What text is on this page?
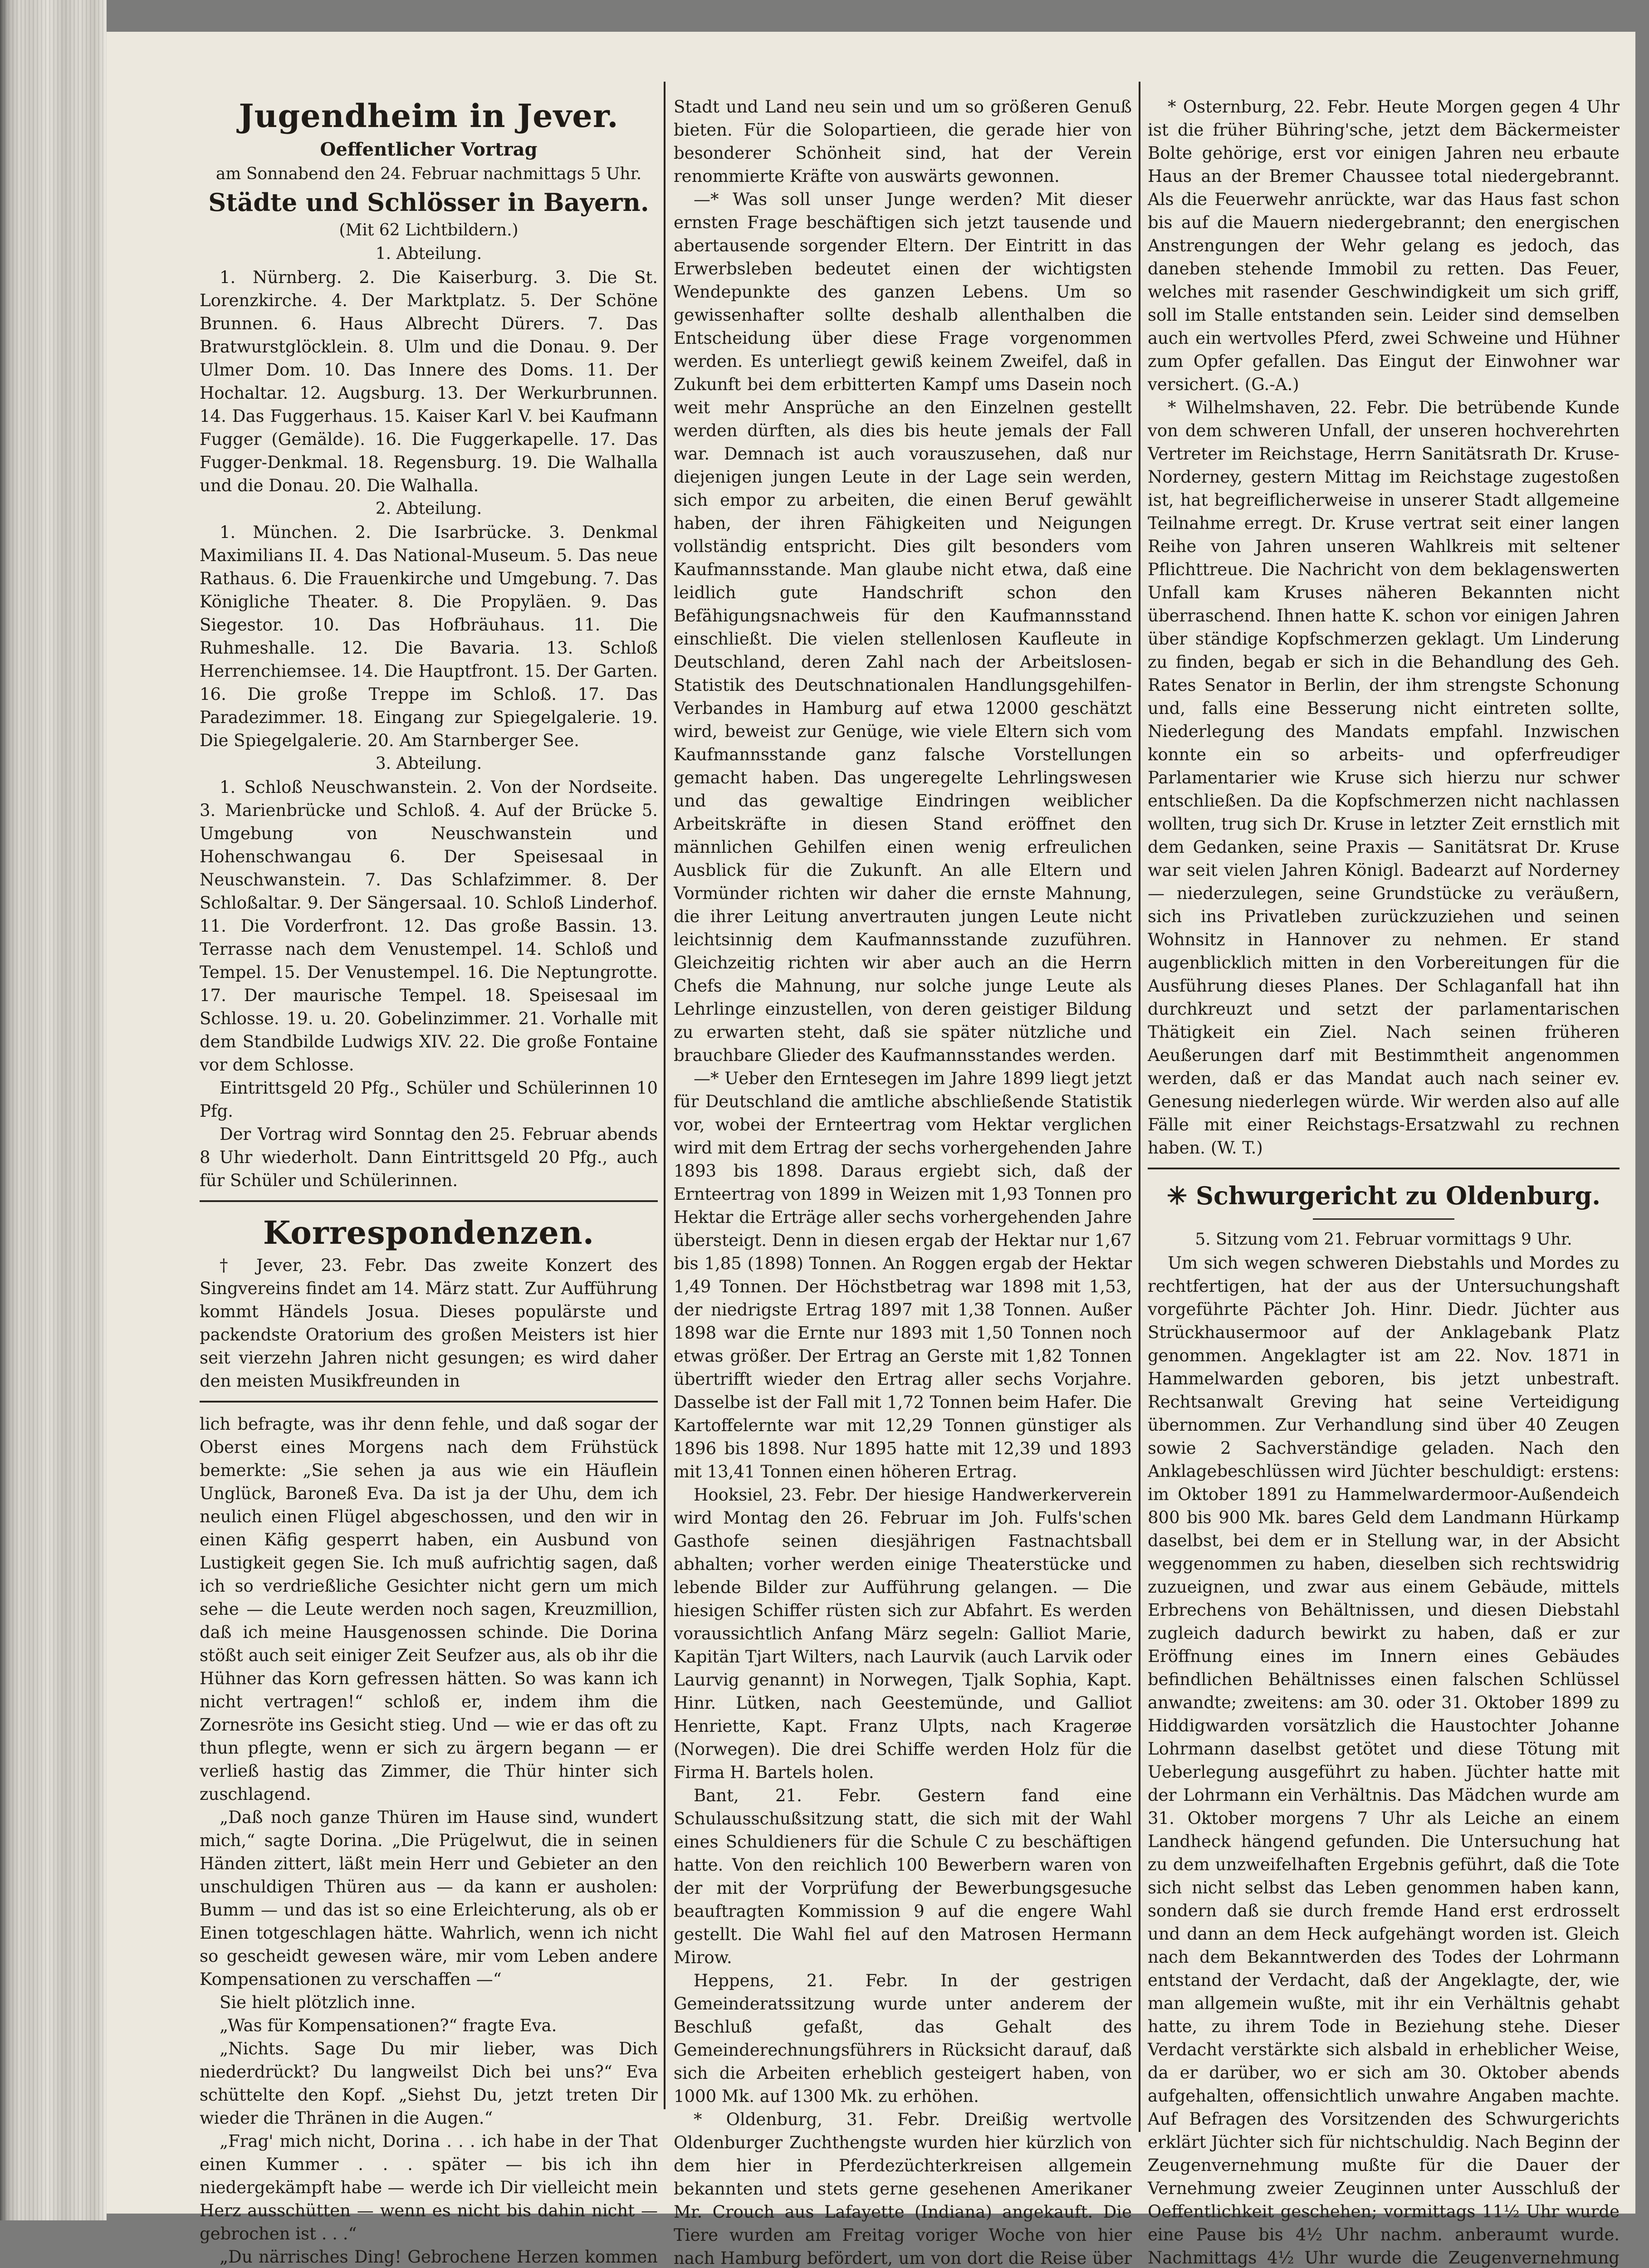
Jugendheim in Jever.
Oeffentlicher Vortrag
am Sonnabend den 24. Februar nachmittags 5 Uhr.
Städte und Schlösser in Bayern.
(Mit 62 Lichtbildern.)
1. Abteilung.

1. Nürnberg. 2. Die Kaiserburg. 3. Die St. Lorenzkirche. 4. Der Marktplatz. 5. Der Schöne Brunnen. 6. Haus Albrecht Dürers. 7. Das Bratwurstglöcklein. 8. Ulm und die Donau. 9. Der Ulmer Dom. 10. Das Innere des Doms. 11. Der Hochaltar. 12. Augsburg. 13. Der Werkurbrunnen. 14. Das Fuggerhaus. 15. Kaiser Karl V. bei Kaufmann Fugger (Gemälde). 16. Die Fuggerkapelle. 17. Das Fugger-Denkmal. 18. Regensburg. 19. Die Walhalla und die Donau. 20. Die Walhalla.

2. Abteilung.

1. München. 2. Die Isarbrücke. 3. Denkmal Maximilians II. 4. Das National-Museum. 5. Das neue Rathaus. 6. Die Frauenkirche und Umgebung. 7. Das Königliche Theater. 8. Die Propyläen. 9. Das Siegestor. 10. Das Hofbräuhaus. 11. Die Ruhmeshalle. 12. Die Bavaria. 13. Schloß Herrenchiemsee. 14. Die Hauptfront. 15. Der Garten. 16. Die große Treppe im Schloß. 17. Das Paradezimmer. 18. Eingang zur Spiegelgalerie. 19. Die Spiegelgalerie. 20. Am Starnberger See.

3. Abteilung.

1. Schloß Neuschwanstein. 2. Von der Nordseite. 3. Marienbrücke und Schloß. 4. Auf der Brücke 5. Umgebung von Neuschwanstein und Hohenschwangau 6. Der Speisesaal in Neuschwanstein. 7. Das Schlafzimmer. 8. Der Schloßaltar. 9. Der Sängersaal. 10. Schloß Linderhof. 11. Die Vorderfront. 12. Das große Bassin. 13. Terrasse nach dem Venustempel. 14. Schloß und Tempel. 15. Der Venustempel. 16. Die Neptungrotte. 17. Der maurische Tempel. 18. Speisesaal im Schlosse. 19. u. 20. Gobelinzimmer. 21. Vorhalle mit dem Standbilde Ludwigs XIV. 22. Die große Fontaine vor dem Schlosse.

Eintrittsgeld 20 Pfg., Schüler und Schülerinnen 10 Pfg.

Der Vortrag wird Sonntag den 25. Februar abends 8 Uhr wiederholt. Dann Eintrittsgeld 20 Pfg., auch für Schüler und Schülerinnen.

Korrespondenzen.

† Jever, 23. Febr. Das zweite Konzert des Singvereins findet am 14. März statt. Zur Aufführung kommt Händels Josua. Dieses populärste und packendste Oratorium des großen Meisters ist hier seit vierzehn Jahren nicht gesungen; es wird daher den meisten Musikfreunden in

lich befragte, was ihr denn fehle, und daß sogar der Oberst eines Morgens nach dem Frühstück bemerkte: „Sie sehen ja aus wie ein Häuflein Unglück, Baroneß Eva. Da ist ja der Uhu, dem ich neulich einen Flügel abgeschossen, und den wir in einen Käfig gesperrt haben, ein Ausbund von Lustigkeit gegen Sie. Ich muß aufrichtig sagen, daß ich so verdrießliche Gesichter nicht gern um mich sehe — die Leute werden noch sagen, Kreuzmillion, daß ich meine Hausgenossen schinde. Die Dorina stößt auch seit einiger Zeit Seufzer aus, als ob ihr die Hühner das Korn gefressen hätten. So was kann ich nicht vertragen!“ schloß er, indem ihm die Zornesröte ins Gesicht stieg. Und — wie er das oft zu thun pflegte, wenn er sich zu ärgern begann — er verließ hastig das Zimmer, die Thür hinter sich zuschlagend.

„Daß noch ganze Thüren im Hause sind, wundert mich,“ sagte Dorina. „Die Prügelwut, die in seinen Händen zittert, läßt mein Herr und Gebieter an den unschuldigen Thüren aus — da kann er ausholen: Bumm — und das ist so eine Erleichterung, als ob er Einen totgeschlagen hätte. Wahrlich, wenn ich nicht so gescheidt gewesen wäre, mir vom Leben andere Kompensationen zu verschaffen —“

Sie hielt plötzlich inne.

„Was für Kompensationen?“ fragte Eva.

„Nichts. Sage Du mir lieber, was Dich niederdrückt? Du langweilst Dich bei uns?“ Eva schüttelte den Kopf. „Siehst Du, jetzt treten Dir wieder die Thränen in die Augen.“

„Frag' mich nicht, Dorina . . . ich habe in der That einen Kummer . . . später — bis ich ihn niedergekämpft habe — werde ich Dir vielleicht mein Herz ausschütten — wenn es nicht bis dahin nicht — gebrochen ist . . .“

„Du närrisches Ding! Gebrochene Herzen kommen

Stadt und Land neu sein und um so größeren Genuß bieten. Für die Solopartieen, die gerade hier von besonderer Schönheit sind, hat der Verein renommierte Kräfte von auswärts gewonnen.

—* Was soll unser Junge werden? Mit dieser ernsten Frage beschäftigen sich jetzt tausende und abertausende sorgender Eltern. Der Eintritt in das Erwerbsleben bedeutet einen der wichtigsten Wendepunkte des ganzen Lebens. Um so gewissenhafter sollte deshalb allenthalben die Entscheidung über diese Frage vorgenommen werden. Es unterliegt gewiß keinem Zweifel, daß in Zukunft bei dem erbitterten Kampf ums Dasein noch weit mehr Ansprüche an den Einzelnen gestellt werden dürften, als dies bis heute jemals der Fall war. Demnach ist auch vorauszusehen, daß nur diejenigen jungen Leute in der Lage sein werden, sich empor zu arbeiten, die einen Beruf gewählt haben, der ihren Fähigkeiten und Neigungen vollständig entspricht. Dies gilt besonders vom Kaufmannsstande. Man glaube nicht etwa, daß eine leidlich gute Handschrift schon den Befähigungsnachweis für den Kaufmannsstand einschließt. Die vielen stellenlosen Kaufleute in Deutschland, deren Zahl nach der Arbeitslosen-Statistik des Deutschnationalen Handlungsgehilfen-Verbandes in Hamburg auf etwa 12000 geschätzt wird, beweist zur Genüge, wie viele Eltern sich vom Kaufmannsstande ganz falsche Vorstellungen gemacht haben. Das ungeregelte Lehrlingswesen und das gewaltige Eindringen weiblicher Arbeitskräfte in diesen Stand eröffnet den männlichen Gehilfen einen wenig erfreulichen Ausblick für die Zukunft. An alle Eltern und Vormünder richten wir daher die ernste Mahnung, die ihrer Leitung anvertrauten jungen Leute nicht leichtsinnig dem Kaufmannsstande zuzuführen. Gleichzeitig richten wir aber auch an die Herrn Chefs die Mahnung, nur solche junge Leute als Lehrlinge einzustellen, von deren geistiger Bildung zu erwarten steht, daß sie später nützliche und brauchbare Glieder des Kaufmannsstandes werden.

—* Ueber den Erntesegen im Jahre 1899 liegt jetzt für Deutschland die amtliche abschließende Statistik vor, wobei der Ernteertrag vom Hektar verglichen wird mit dem Ertrag der sechs vorhergehenden Jahre 1893 bis 1898. Daraus ergiebt sich, daß der Ernteertrag von 1899 in Weizen mit 1,93 Tonnen pro Hektar die Erträge aller sechs vorhergehenden Jahre übersteigt. Denn in diesen ergab der Hektar nur 1,67 bis 1,85 (1898) Tonnen. An Roggen ergab der Hektar 1,49 Tonnen. Der Höchstbetrag war 1898 mit 1,53, der niedrigste Ertrag 1897 mit 1,38 Tonnen. Außer 1898 war die Ernte nur 1893 mit 1,50 Tonnen noch etwas größer. Der Ertrag an Gerste mit 1,82 Tonnen übertrifft wieder den Ertrag aller sechs Vorjahre. Dasselbe ist der Fall mit 1,72 Tonnen beim Hafer. Die Kartoffelernte war mit 12,29 Tonnen günstiger als 1896 bis 1898. Nur 1895 hatte mit 12,39 und 1893 mit 13,41 Tonnen einen höheren Ertrag.

Hooksiel, 23. Febr. Der hiesige Handwerkerverein wird Montag den 26. Februar im Joh. Fulfs'schen Gasthofe seinen diesjährigen Fastnachtsball abhalten; vorher werden einige Theaterstücke und lebende Bilder zur Aufführung gelangen. — Die hiesigen Schiffer rüsten sich zur Abfahrt. Es werden voraussichtlich Anfang März segeln: Galliot Marie, Kapitän Tjart Wilters, nach Laurvik (auch Larvik oder Laurvig genannt) in Norwegen, Tjalk Sophia, Kapt. Hinr. Lütken, nach Geestemünde, und Galliot Henriette, Kapt. Franz Ulpts, nach Kragerøe (Norwegen). Die drei Schiffe werden Holz für die Firma H. Bartels holen.

Bant, 21. Febr. Gestern fand eine Schulausschußsitzung statt, die sich mit der Wahl eines Schuldieners für die Schule C zu beschäftigen hatte. Von den reichlich 100 Bewerbern waren von der mit der Vorprüfung der Bewerbungsgesuche beauftragten Kommission 9 auf die engere Wahl gestellt. Die Wahl fiel auf den Matrosen Hermann Mirow.

Heppens, 21. Febr. In der gestrigen Gemeinderatssitzung wurde unter anderem der Beschluß gefaßt, das Gehalt des Gemeinderechnungsführers in Rücksicht darauf, daß sich die Arbeiten erheblich gesteigert haben, von 1000 Mk. auf 1300 Mk. zu erhöhen.

* Oldenburg, 31. Febr. Dreißig wertvolle Oldenburger Zuchthengste wurden hier kürzlich von dem hier in Pferdezüchterkreisen allgemein bekannten und stets gerne gesehenen Amerikaner Mr. Crouch aus Lafayette (Indiana) angekauft. Die Tiere wurden am Freitag voriger Woche von hier nach Hamburg befördert, um von dort die Reise über

* Osternburg, 22. Febr. Heute Morgen gegen 4 Uhr ist die früher Bühring'sche, jetzt dem Bäckermeister Bolte gehörige, erst vor einigen Jahren neu erbaute Haus an der Bremer Chaussee total niedergebrannt. Als die Feuerwehr anrückte, war das Haus fast schon bis auf die Mauern niedergebrannt; den energischen Anstrengungen der Wehr gelang es jedoch, das daneben stehende Immobil zu retten. Das Feuer, welches mit rasender Geschwindigkeit um sich griff, soll im Stalle entstanden sein. Leider sind demselben auch ein wertvolles Pferd, zwei Schweine und Hühner zum Opfer gefallen. Das Eingut der Einwohner war versichert. (G.-A.)

* Wilhelmshaven, 22. Febr. Die betrübende Kunde von dem schweren Unfall, der unseren hochverehrten Vertreter im Reichstage, Herrn Sanitätsrath Dr. Kruse-Norderney, gestern Mittag im Reichstage zugestoßen ist, hat begreiflicherweise in unserer Stadt allgemeine Teilnahme erregt. Dr. Kruse vertrat seit einer langen Reihe von Jahren unseren Wahlkreis mit seltener Pflichttreue. Die Nachricht von dem beklagenswerten Unfall kam Kruses näheren Bekannten nicht überraschend. Ihnen hatte K. schon vor einigen Jahren über ständige Kopfschmerzen geklagt. Um Linderung zu finden, begab er sich in die Behandlung des Geh. Rates Senator in Berlin, der ihm strengste Schonung und, falls eine Besserung nicht eintreten sollte, Niederlegung des Mandats empfahl. Inzwischen konnte ein so arbeits- und opferfreudiger Parlamentarier wie Kruse sich hierzu nur schwer entschließen. Da die Kopfschmerzen nicht nachlassen wollten, trug sich Dr. Kruse in letzter Zeit ernstlich mit dem Gedanken, seine Praxis — Sanitätsrat Dr. Kruse war seit vielen Jahren Königl. Badearzt auf Norderney — niederzulegen, seine Grundstücke zu veräußern, sich ins Privatleben zurückzuziehen und seinen Wohnsitz in Hannover zu nehmen. Er stand augenblicklich mitten in den Vorbereitungen für die Ausführung dieses Planes. Der Schlaganfall hat ihn durchkreuzt und setzt der parlamentarischen Thätigkeit ein Ziel. Nach seinen früheren Aeußerungen darf mit Bestimmtheit angenommen werden, daß er das Mandat auch nach seiner ev. Genesung niederlegen würde. Wir werden also auf alle Fälle mit einer Reichstags-Ersatzwahl zu rechnen haben. (W. T.)

✳ Schwurgericht zu Oldenburg.
5. Sitzung vom 21. Februar vormittags 9 Uhr.

Um sich wegen schweren Diebstahls und Mordes zu rechtfertigen, hat der aus der Untersuchungshaft vorgeführte Pächter Joh. Hinr. Diedr. Jüchter aus Strückhausermoor auf der Anklagebank Platz genommen. Angeklagter ist am 22. Nov. 1871 in Hammelwarden geboren, bis jetzt unbestraft. Rechtsanwalt Greving hat seine Verteidigung übernommen. Zur Verhandlung sind über 40 Zeugen sowie 2 Sachverständige geladen. Nach den Anklagebeschlüssen wird Jüchter beschuldigt: erstens: im Oktober 1891 zu Hammelwardermoor-Außendeich 800 bis 900 Mk. bares Geld dem Landmann Hürkamp daselbst, bei dem er in Stellung war, in der Absicht weggenommen zu haben, dieselben sich rechtswidrig zuzueignen, und zwar aus einem Gebäude, mittels Erbrechens von Behältnissen, und diesen Diebstahl zugleich dadurch bewirkt zu haben, daß er zur Eröffnung eines im Innern eines Gebäudes befindlichen Behältnisses einen falschen Schlüssel anwandte; zweitens: am 30. oder 31. Oktober 1899 zu Hiddigwarden vorsätzlich die Haustochter Johanne Lohrmann daselbst getötet und diese Tötung mit Ueberlegung ausgeführt zu haben. Jüchter hatte mit der Lohrmann ein Verhältnis. Das Mädchen wurde am 31. Oktober morgens 7 Uhr als Leiche an einem Landheck hängend gefunden. Die Untersuchung hat zu dem unzweifelhaften Ergebnis geführt, daß die Tote sich nicht selbst das Leben genommen haben kann, sondern daß sie durch fremde Hand erst erdrosselt und dann an dem Heck aufgehängt worden ist. Gleich nach dem Bekanntwerden des Todes der Lohrmann entstand der Verdacht, daß der Angeklagte, der, wie man allgemein wußte, mit ihr ein Verhältnis gehabt hatte, zu ihrem Tode in Beziehung stehe. Dieser Verdacht verstärkte sich alsbald in erheblicher Weise, da er darüber, wo er sich am 30. Oktober abends aufgehalten, offensichtlich unwahre Angaben machte. Auf Befragen des Vorsitzenden des Schwurgerichts erklärt Jüchter sich für nichtschuldig. Nach Beginn der Zeugenvernehmung mußte für die Dauer der Vernehmung zweier Zeuginnen unter Ausschluß der Oeffentlichkeit geschehen; vormittags 11½ Uhr wurde eine Pause bis 4½ Uhr nachm. anberaumt wurde. Nachmittags 4½ Uhr wurde die Zeugenvernehmung
